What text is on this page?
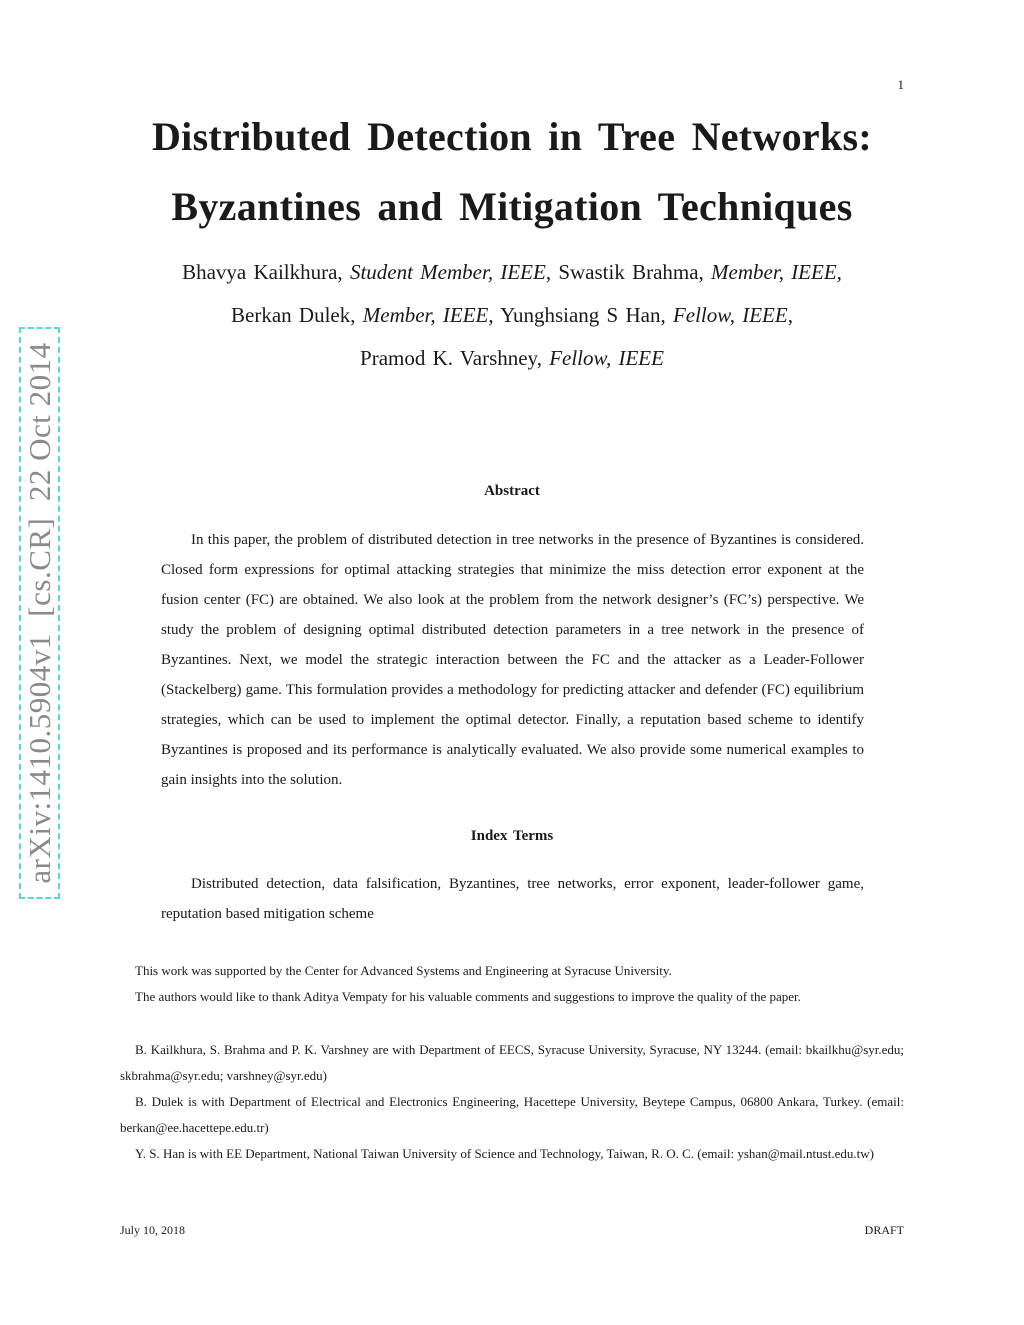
1
Distributed Detection in Tree Networks:
Byzantines and Mitigation Techniques
Bhavya Kailkhura, Student Member, IEEE, Swastik Brahma, Member, IEEE,
Berkan Dulek, Member, IEEE, Yunghsiang S Han, Fellow, IEEE,
Pramod K. Varshney, Fellow, IEEE
Abstract
In this paper, the problem of distributed detection in tree networks in the presence of Byzantines is considered. Closed form expressions for optimal attacking strategies that minimize the miss detection error exponent at the fusion center (FC) are obtained. We also look at the problem from the network designer’s (FC’s) perspective. We study the problem of designing optimal distributed detection parameters in a tree network in the presence of Byzantines. Next, we model the strategic interaction between the FC and the attacker as a Leader-Follower (Stackelberg) game. This formulation provides a methodology for predicting attacker and defender (FC) equilibrium strategies, which can be used to implement the optimal detector. Finally, a reputation based scheme to identify Byzantines is proposed and its performance is analytically evaluated. We also provide some numerical examples to gain insights into the solution.
Index Terms
Distributed detection, data falsification, Byzantines, tree networks, error exponent, leader-follower game, reputation based mitigation scheme
This work was supported by the Center for Advanced Systems and Engineering at Syracuse University.
The authors would like to thank Aditya Vempaty for his valuable comments and suggestions to improve the quality of the paper.
B. Kailkhura, S. Brahma and P. K. Varshney are with Department of EECS, Syracuse University, Syracuse, NY 13244. (email: bkailkhu@syr.edu; skbrahma@syr.edu; varshney@syr.edu)
B. Dulek is with Department of Electrical and Electronics Engineering, Hacettepe University, Beytepe Campus, 06800 Ankara, Turkey. (email: berkan@ee.hacettepe.edu.tr)
Y. S. Han is with EE Department, National Taiwan University of Science and Technology, Taiwan, R. O. C. (email: yshan@mail.ntust.edu.tw)
July 10, 2018	DRAFT
arXiv:1410.5904v1  [cs.CR]  22 Oct 2014
